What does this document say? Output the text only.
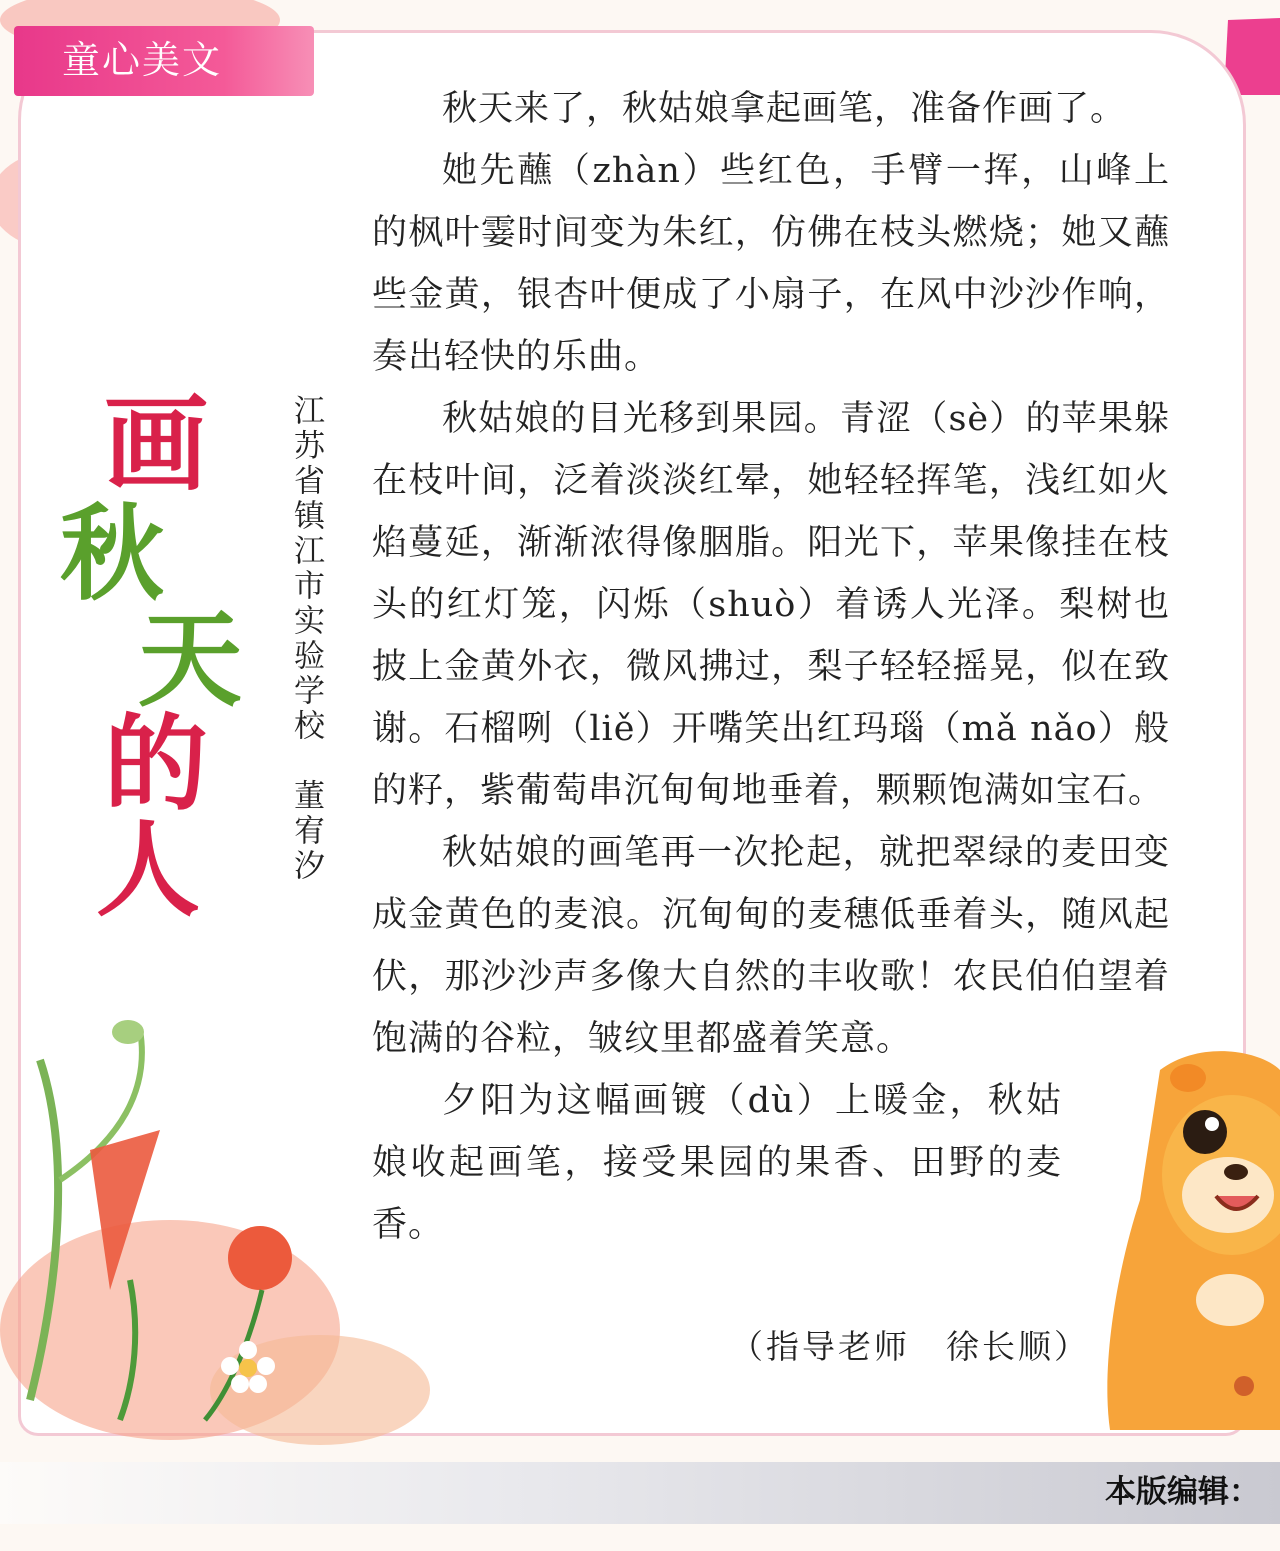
童心美文
画
秋
天
的
人
江苏省镇江市实验学校　董宥汐

秋天来了，秋姑娘拿起画笔，准备作画了。

她先蘸（zhàn）些红色，手臂一挥，山峰上的枫叶霎时间变为朱红，仿佛在枝头燃烧；她又蘸些金黄，银杏叶便成了小扇子，在风中沙沙作响，奏出轻快的乐曲。

秋姑娘的目光移到果园。青涩（sè）的苹果躲在枝叶间，泛着淡淡红晕，她轻轻挥笔，浅红如火焰蔓延，渐渐浓得像胭脂。阳光下，苹果像挂在枝头的红灯笼，闪烁（shuò）着诱人光泽。梨树也披上金黄外衣，微风拂过，梨子轻轻摇晃，似在致谢。石榴咧（liě）开嘴笑出红玛瑙（mǎ nǎo）般的籽，紫葡萄串沉甸甸地垂着，颗颗饱满如宝石。

秋姑娘的画笔再一次抡起，就把翠绿的麦田变成金黄色的麦浪。沉甸甸的麦穗低垂着头，随风起伏，那沙沙声多像大自然的丰收歌！农民伯伯望着饱满的谷粒，皱纹里都盛着笑意。

夕阳为这幅画镀（dù）上暖金，秋姑娘收起画笔，接受果园的果香、田野的麦香。

（指导老师　徐长顺）
本版编辑：
